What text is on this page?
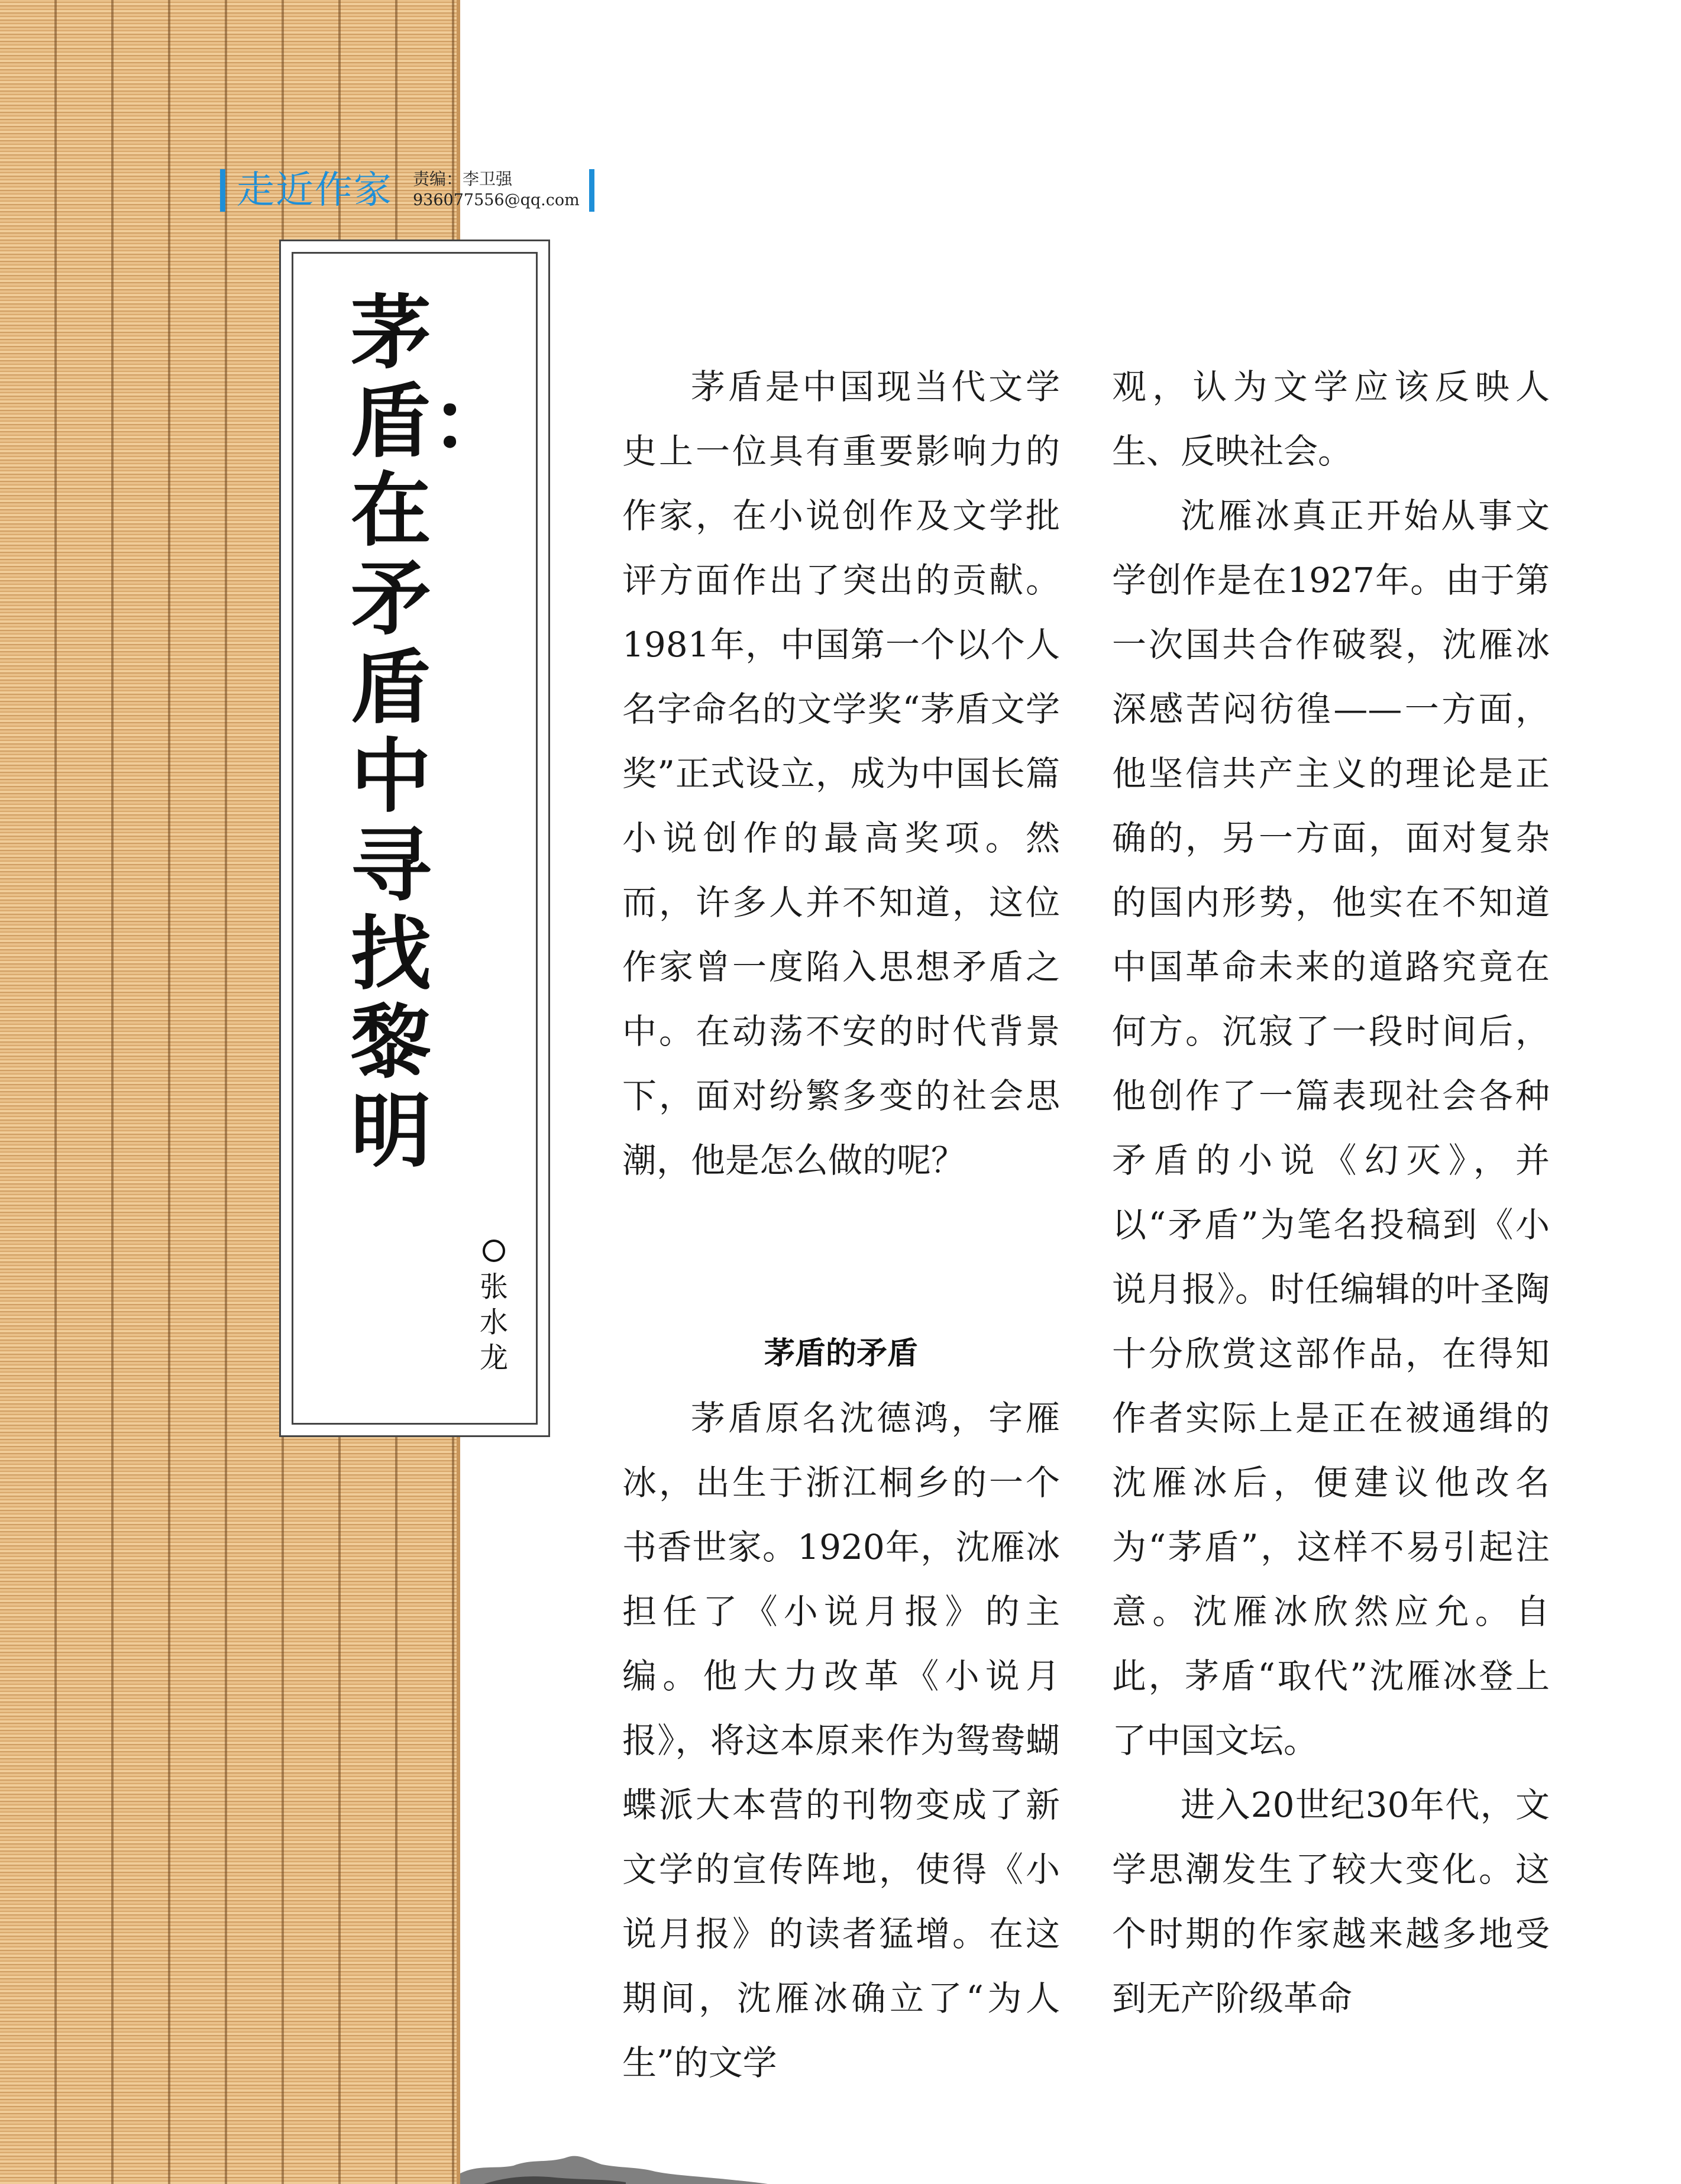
走近作家 责编：李卫强
936077556@qq.com
茅盾：
在矛盾中寻找黎明
张水龙

茅盾是中国现当代文学史上一位具有重要影响力的作家，在小说创作及文学批评方面作出了突出的贡献。1981年，中国第一个以个人名字命名的文学奖“茅盾文学奖”正式设立，成为中国长篇小说创作的最高奖项。然而，许多人并不知道，这位作家曾一度陷入思想矛盾之中。在动荡不安的时代背景下，面对纷繁多变的社会思潮，他是怎么做的呢？

茅盾的矛盾

茅盾原名沈德鸿，字雁冰，出生于浙江桐乡的一个书香世家。1920年，沈雁冰担任了《小说月报》的主编。他大力改革《小说月报》，将这本原来作为鸳鸯蝴蝶派大本营的刊物变成了新文学的宣传阵地，使得《小说月报》的读者猛增。在这期间，沈雁冰确立了“为人生”的文学

观，认为文学应该反映人生、反映社会。

沈雁冰真正开始从事文学创作是在1927年。由于第一次国共合作破裂，沈雁冰深感苦闷彷徨——一方面，他坚信共产主义的理论是正确的，另一方面，面对复杂的国内形势，他实在不知道中国革命未来的道路究竟在何方。沉寂了一段时间后，他创作了一篇表现社会各种矛盾的小说《幻灭》，并以“矛盾”为笔名投稿到《小说月报》。时任编辑的叶圣陶十分欣赏这部作品，在得知作者实际上是正在被通缉的沈雁冰后，便建议他改名为“茅盾”，这样不易引起注意。沈雁冰欣然应允。自此，茅盾“取代”沈雁冰登上了中国文坛。

进入20世纪30年代，文学思潮发生了较大变化。这个时期的作家越来越多地受到无产阶级革命
